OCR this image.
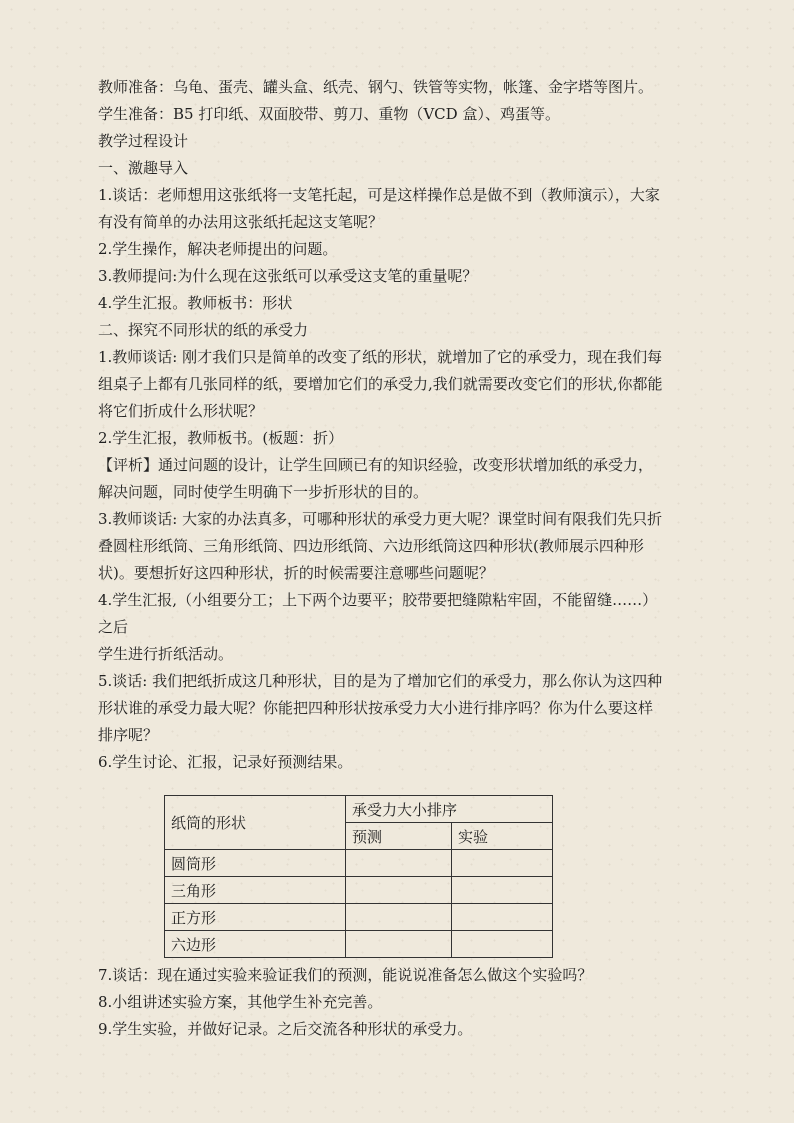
教师准备：乌龟、蛋壳、罐头盒、纸壳、钢勺、铁管等实物，帐篷、金字塔等图片。
学生准备：B5 打印纸、双面胶带、剪刀、重物（VCD 盒）、鸡蛋等。
教学过程设计
一、激趣导入
1.谈话：老师想用这张纸将一支笔托起，可是这样操作总是做不到（教师演示），大家
有没有简单的办法用这张纸托起这支笔呢？
2.学生操作，解决老师提出的问题。
3.教师提问:为什么现在这张纸可以承受这支笔的重量呢？
4.学生汇报。教师板书：形状
二、探究不同形状的纸的承受力
1.教师谈话: 刚才我们只是简单的改变了纸的形状，就增加了它的承受力，现在我们每
组桌子上都有几张同样的纸，要增加它们的承受力,我们就需要改变它们的形状,你都能
将它们折成什么形状呢？
2.学生汇报，教师板书。(板题：折）
【评析】通过问题的设计，让学生回顾已有的知识经验，改变形状增加纸的承受力，
解决问题，同时使学生明确下一步折形状的目的。
3.教师谈话: 大家的办法真多，可哪种形状的承受力更大呢？课堂时间有限我们先只折
叠圆柱形纸筒、三角形纸筒、四边形纸筒、六边形纸筒这四种形状(教师展示四种形
状)。要想折好这四种形状，折的时候需要注意哪些问题呢？
4.学生汇报,（小组要分工；上下两个边要平；胶带要把缝隙粘牢固，不能留缝……）
之后
学生进行折纸活动。
5.谈话: 我们把纸折成这几种形状，目的是为了增加它们的承受力，那么你认为这四种
形状谁的承受力最大呢？你能把四种形状按承受力大小进行排序吗？你为什么要这样
排序呢？
6.学生讨论、汇报，记录好预测结果。
纸筒的形状	承受力大小排序	
	预测	实验
圆筒形		
三角形		
正方形		
六边形		
7.谈话：现在通过实验来验证我们的预测，能说说准备怎么做这个实验吗？
8.小组讲述实验方案，其他学生补充完善。
9.学生实验，并做好记录。之后交流各种形状的承受力。
